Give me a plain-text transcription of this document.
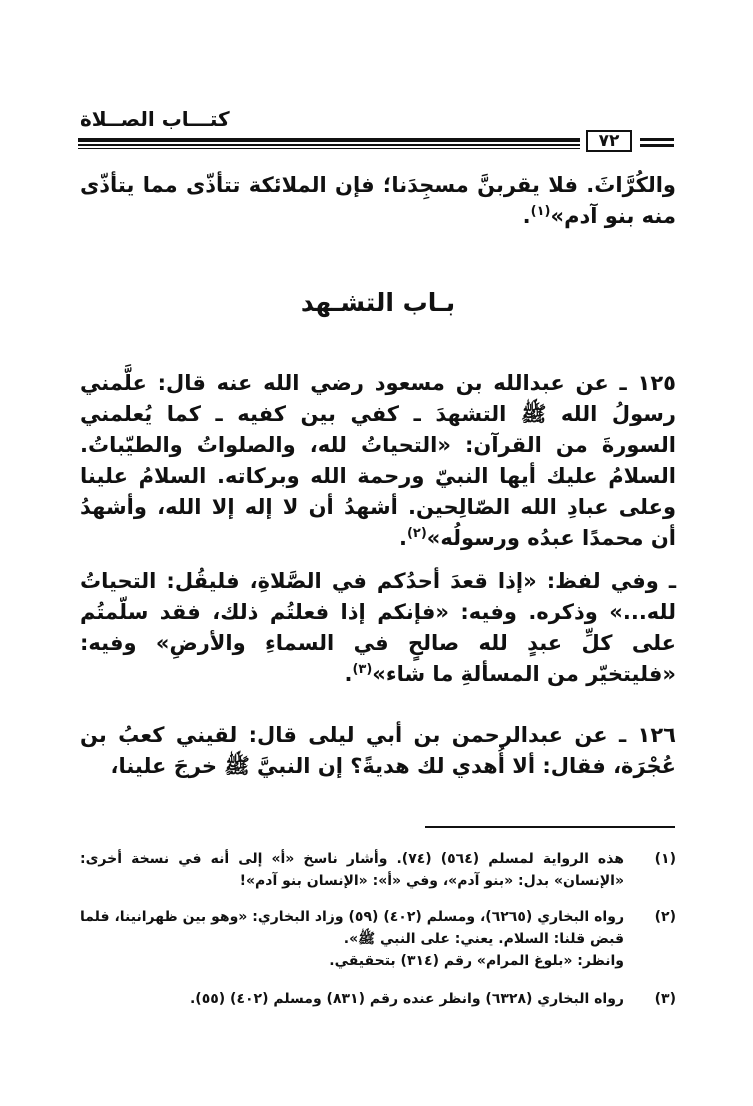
كتـــاب الصــلاة
٧٢
والكُرَّاثَ. فلا يقربنَّ مسجِدَنا؛ فإن الملائكة تتأذّى مما يتأذّى منه بنو آدم»$^{(١)}$.
بـاب التشـهد
١٢٥ ـ عن عبدالله بن مسعود رضي الله عنه قال: علَّمني رسولُ الله ﷺ التشهدَ ـ كفي بين كفيه ـ كما يُعلمني السورةَ من القرآن: «التحياتُ لله، والصلواتُ والطيّباتُ. السلامُ عليك أيها النبيّ ورحمة الله وبركاته. السلامُ علينا وعلى عبادِ الله الصّالِحين. أشهدُ أن لا إله إلا الله، وأشهدُ أن محمدًا عبدُه ورسولُه»$^{(٢)}$.
ـ وفي لفظ: «إذا قعدَ أحدُكم في الصَّلاةِ، فليقُل: التحياتُ لله...» وذكره. وفيه: «فإنكم إذا فعلتُم ذلك، فقد سلّمتُم على كلِّ عبدٍ لله صالحٍ في السماءِ والأرضِ» وفيه: «فليتخيّر من المسألةِ ما شاء»$^{(٣)}$.
١٢٦ ـ عن عبدالرحمن بن أبي ليلى قال: لقيني كعبُ بن عُجْرَة، فقال: ألا أُهدي لك هديةً؟ إن النبيَّ ﷺ خرجَ علينا،
(١)
هذه الرواية لمسلم (٥٦٤) (٧٤). وأشار ناسخ «أ» إلى أنه في نسخة أخرى: «الإنسان» بدل: «بنو آدم»، وفي «أ»: «الإنسان بنو آدم»!
(٢)
رواه البخاري (٦٢٦٥)، ومسلم (٤٠٢) (٥٩) وزاد البخاري: «وهو بين ظهرانينا، فلما قبض قلنا: السلام. يعني: على النبي ﷺ».
وانظر: «بلوغ المرام» رقم (٣١٤) بتحقيقي.
(٣)
رواه البخاري (٦٣٢٨) وانظر عنده رقم (٨٣١) ومسلم (٤٠٢) (٥٥).
